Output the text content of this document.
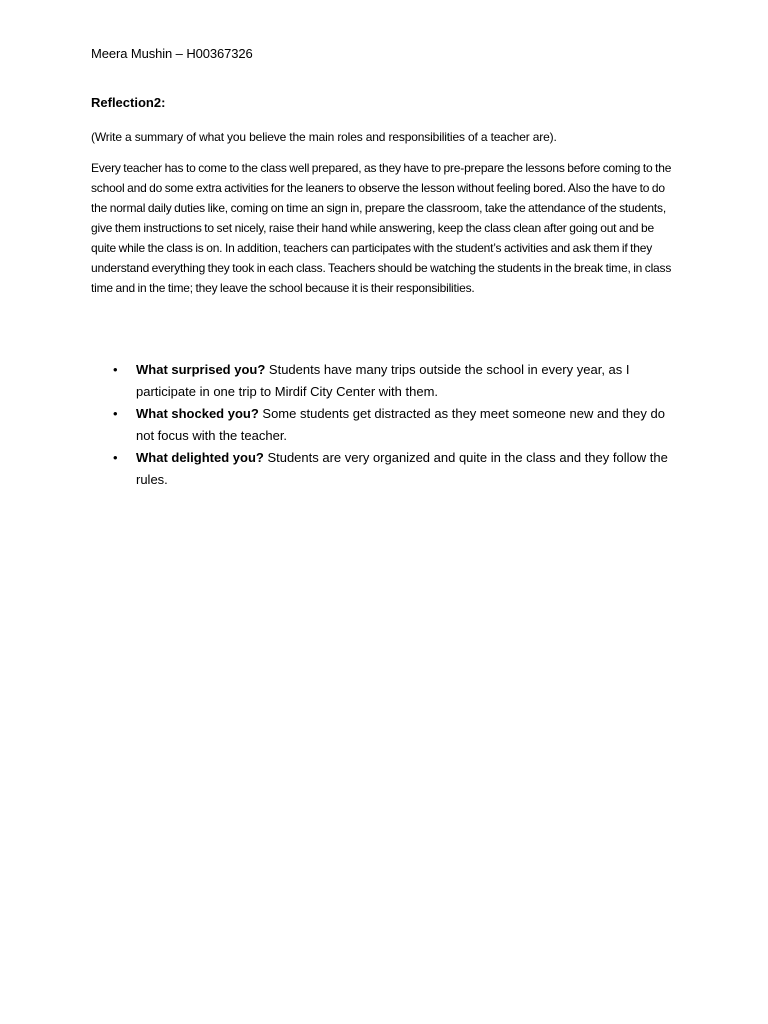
Meera Mushin – H00367326
Reflection2:
(Write a summary of what you believe the main roles and responsibilities of a teacher are).
Every teacher has to come to the class well prepared, as they have to pre-prepare the lessons before coming to the school and do some extra activities for the leaners to observe the lesson without feeling bored. Also the have to do the normal daily duties like, coming on time an sign in, prepare the classroom, take the attendance of the students, give them instructions to set nicely, raise their hand while answering, keep the class clean after going out and be quite while the class is on. In addition, teachers can participates with the student’s activities and ask them if they understand everything they took in each class. Teachers should be watching the students in the break time, in class time and in the time; they leave the school because it is their responsibilities.
• What surprised you? Students have many trips outside the school in every year, as I participate in one trip to Mirdif City Center with them.
• What shocked you? Some students get distracted as they meet someone new and they do not focus with the teacher.
• What delighted you? Students are very organized and quite in the class and they follow the rules.
